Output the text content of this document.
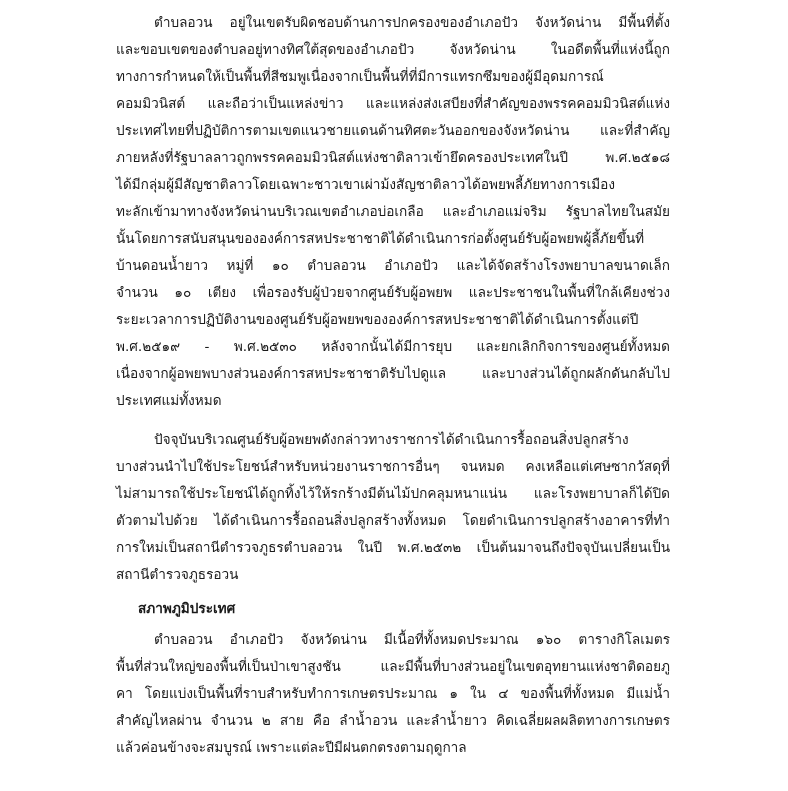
ตำบลอวน อยู่ในเขตรับผิดชอบด้านการปกครองของอำเภอปัว จังหวัดน่าน มีพื้นที่ตั้ง
และขอบเขตของตำบลอยู่ทางทิศใต้สุดของอำเภอปัว จังหวัดน่าน ในอดีตพื้นที่แห่งนี้ถูก
ทางการกำหนดให้เป็นพื้นที่สีชมพูเนื่องจากเป็นพื้นที่ที่มีการแทรกซึมของผู้มีอุดมการณ์
คอมมิวนิสต์ และถือว่าเป็นแหล่งข่าว และแหล่งส่งเสบียงที่สำคัญของพรรคคอมมิวนิสต์แห่ง
ประเทศไทยที่ปฏิบัติการตามเขตแนวชายแดนด้านทิศตะวันออกของจังหวัดน่าน และที่สำคัญ
ภายหลังที่รัฐบาลลาวถูกพรรคคอมมิวนิสต์แห่งชาติลาวเข้ายึดครองประเทศในปี พ.ศ.๒๕๑๘
ได้มีกลุ่มผู้มีสัญชาติลาวโดยเฉพาะชาวเขาเผ่าม้งสัญชาติลาวได้อพยพลี้ภัยทางการเมือง
ทะลักเข้ามาทางจังหวัดน่านบริเวณเขตอำเภอบ่อเกลือ และอำเภอแม่จริม รัฐบาลไทยในสมัย
นั้นโดยการสนับสนุนขององค์การสหประชาชาติได้ดำเนินการก่อตั้งศูนย์รับผู้อพยพผู้ลี้ภัยขึ้นที่
บ้านดอนน้ำยาว หมู่ที่ ๑๐ ตำบลอวน อำเภอปัว และได้จัดสร้างโรงพยาบาลขนาดเล็ก
จำนวน ๑๐ เตียง เพื่อรองรับผู้ป่วยจากศูนย์รับผู้อพยพ และประชาชนในพื้นที่ใกล้เคียงช่วง
ระยะเวลาการปฏิบัติงานของศูนย์รับผู้อพยพขององค์การสหประชาชาติได้ดำเนินการตั้งแต่ปี
พ.ศ.๒๕๑๙ - พ.ศ.๒๕๓๐ หลังจากนั้นได้มีการยุบ และยกเลิกกิจการของศูนย์ทั้งหมด
เนื่องจากผู้อพยพบางส่วนองค์การสหประชาชาติรับไปดูแล และบางส่วนได้ถูกผลักดันกลับไป
ประเทศแม่ทั้งหมด
ปัจจุบันบริเวณศูนย์รับผู้อพยพดังกล่าวทางราชการได้ดำเนินการรื้อถอนสิ่งปลูกสร้าง
บางส่วนนำไปใช้ประโยชน์สำหรับหน่วยงานราชการอื่นๆ จนหมด คงเหลือแต่เศษซากวัสดุที่
ไม่สามารถใช้ประโยชน์ได้ถูกทิ้งไว้ให้รกร้างมีต้นไม้ปกคลุมหนาแน่น และโรงพยาบาลก็ได้ปิด
ตัวตามไปด้วย ได้ดำเนินการรื้อถอนสิ่งปลูกสร้างทั้งหมด โดยดำเนินการปลูกสร้างอาคารที่ทำ
การใหม่เป็นสถานีตำรวจภูธรตำบลอวน ในปี พ.ศ.๒๕๓๒ เป็นต้นมาจนถึงปัจจุบันเปลี่ยนเป็น
สถานีตำรวจภูธรอวน
สภาพภูมิประเทศ
ตำบลอวน อำเภอปัว จังหวัดน่าน มีเนื้อที่ทั้งหมดประมาณ ๑๖๐ ตารางกิโลเมตร
พื้นที่ส่วนใหญ่ของพื้นที่เป็นป่าเขาสูงชัน และมีพื้นที่บางส่วนอยู่ในเขตอุทยานแห่งชาติดอยภู
คา โดยแบ่งเป็นพื้นที่ราบสำหรับทำการเกษตรประมาณ ๑ ใน ๔ ของพื้นที่ทั้งหมด มีแม่น้ำ
สำคัญไหลผ่าน จำนวน ๒ สาย คือ ลำน้ำอวน และลำน้ำยาว คิดเฉลี่ยผลผลิตทางการเกษตร
แล้วค่อนข้างจะสมบูรณ์ เพราะแต่ละปีมีฝนตกตรงตามฤดูกาล
